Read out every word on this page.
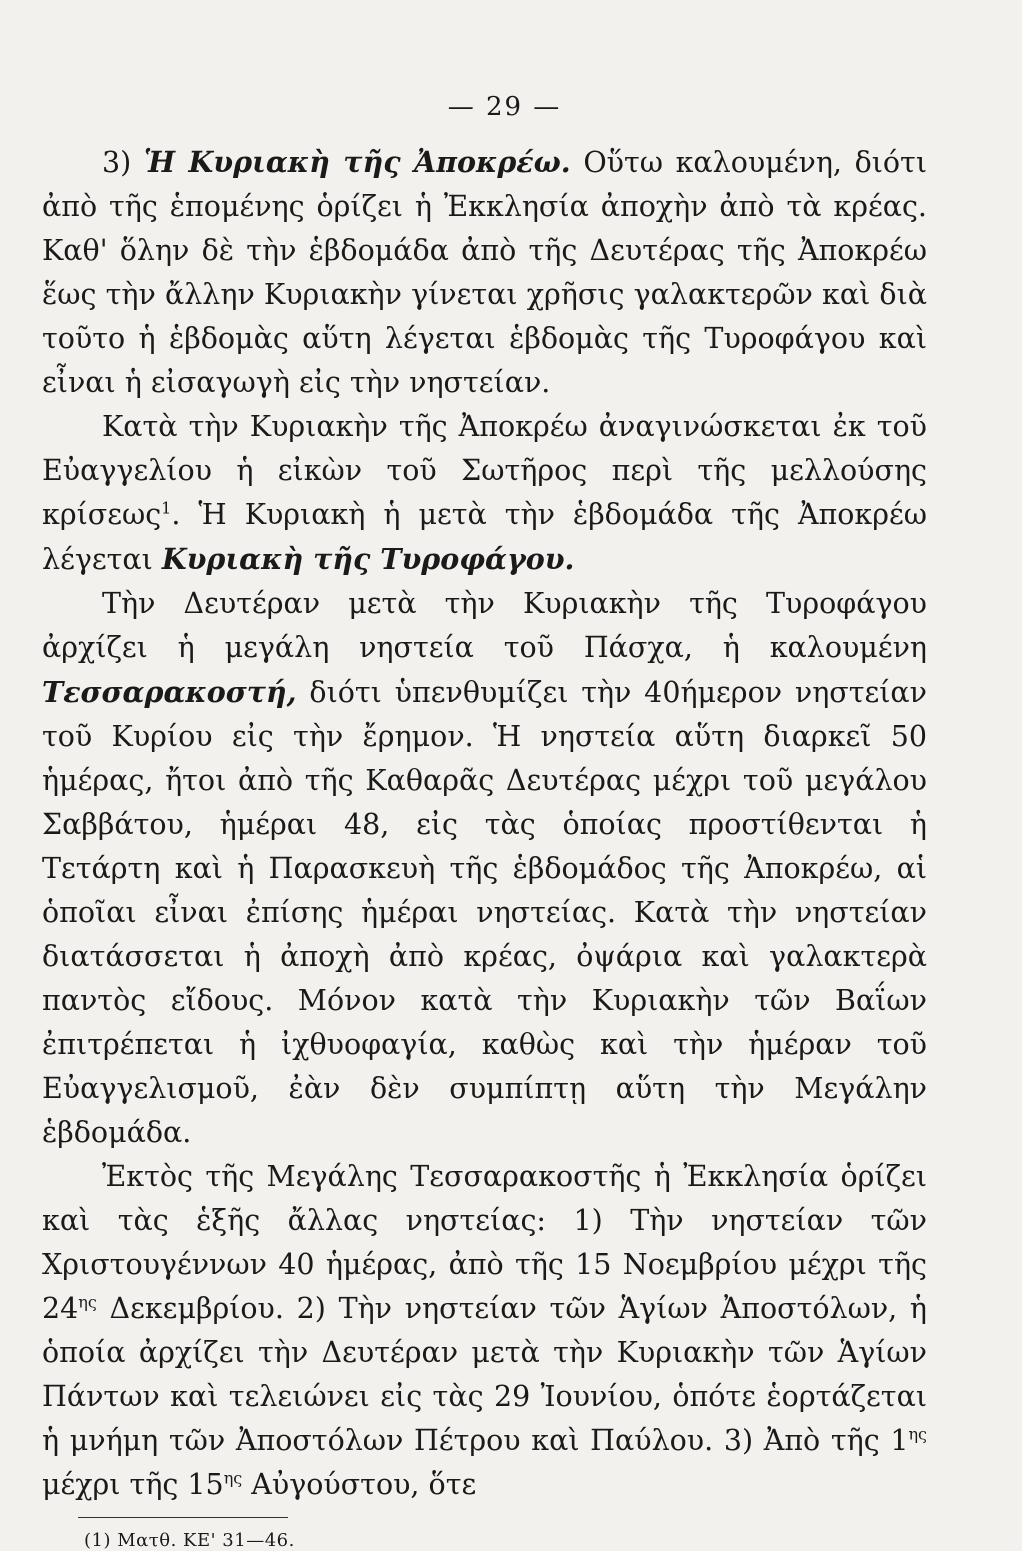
— 29 —

3) Ἡ Κυριακὴ τῆς Ἀποκρέω. Οὕτω καλουμένη, διότι ἀπὸ τῆς ἑπομένης ὁρίζει ἡ Ἐκκλησία ἀποχὴν ἀπὸ τὰ κρέας. Καθ' ὅλην δὲ τὴν ἑβδομάδα ἀπὸ τῆς Δευτέρας τῆς Ἀποκρέω ἕως τὴν ἄλλην Κυριακὴν γίνεται χρῆσις γαλακτερῶν καὶ διὰ τοῦτο ἡ ἑβδομὰς αὕτη λέγεται ἑβδομὰς τῆς Τυροφάγου καὶ εἶναι ἡ εἰσαγωγὴ εἰς τὴν νηστείαν.

Κατὰ τὴν Κυριακὴν τῆς Ἀποκρέω ἀναγινώσκεται ἐκ τοῦ Εὐαγγελίου ἡ εἰκὼν τοῦ Σωτῆρος περὶ τῆς μελλούσης κρίσεως$^1$. Ἡ Κυριακὴ ἡ μετὰ τὴν ἑβδομάδα τῆς Ἀποκρέω λέγεται Κυριακὴ τῆς Τυροφάγου.

Τὴν Δευτέραν μετὰ τὴν Κυριακὴν τῆς Τυροφάγου ἀρχίζει ἡ μεγάλη νηστεία τοῦ Πάσχα, ἡ καλουμένη Τεσσαρακοστή, διότι ὑπενθυμίζει τὴν 40ήμερον νηστείαν τοῦ Κυρίου εἰς τὴν ἔρημον. Ἡ νηστεία αὕτη διαρκεῖ 50 ἡμέρας, ἤτοι ἀπὸ τῆς Καθαρᾶς Δευτέρας μέχρι τοῦ μεγάλου Σαββάτου, ἡμέραι 48, εἰς τὰς ὁποίας προστίθενται ἡ Τετάρτη καὶ ἡ Παρασκευὴ τῆς ἑβδομάδος τῆς Ἀποκρέω, αἱ ὁποῖαι εἶναι ἐπίσης ἡμέραι νηστείας. Κατὰ τὴν νηστείαν διατάσσεται ἡ ἀποχὴ ἀπὸ κρέας, ὀψάρια καὶ γαλακτερὰ παντὸς εἴδους. Μόνον κατὰ τὴν Κυριακὴν τῶν Βαΐων ἐπιτρέπεται ἡ ἰχθυοφαγία, καθὼς καὶ τὴν ἡμέραν τοῦ Εὐαγγελισμοῦ, ἐὰν δὲν συμπίπτῃ αὕτη τὴν Μεγάλην ἑβδομάδα.

Ἐκτὸς τῆς Μεγάλης Τεσσαρακοστῆς ἡ Ἐκκλησία ὁρίζει καὶ τὰς ἑξῆς ἄλλας νηστείας: 1) Τὴν νηστείαν τῶν Χριστουγέννων 40 ἡμέρας, ἀπὸ τῆς 15 Νοεμβρίου μέχρι τῆς $24^{\eta\varsigma}$ Δεκεμβρίου. 2) Τὴν νηστείαν τῶν Ἁγίων Ἀποστόλων, ἡ ὁποία ἀρχίζει τὴν Δευτέραν μετὰ τὴν Κυριακὴν τῶν Ἁγίων Πάντων καὶ τελειώνει εἰς τὰς 29 Ἰουνίου, ὁπότε ἑορτάζεται ἡ μνήμη τῶν Ἀποστόλων Πέτρου καὶ Παύλου. 3) Ἀπὸ τῆς $1^{\eta\varsigma}$ μέχρι τῆς $15^{\eta\varsigma}$ Αὐγούστου, ὅτε

(1) Ματθ. ΚΕ' 31—46.
